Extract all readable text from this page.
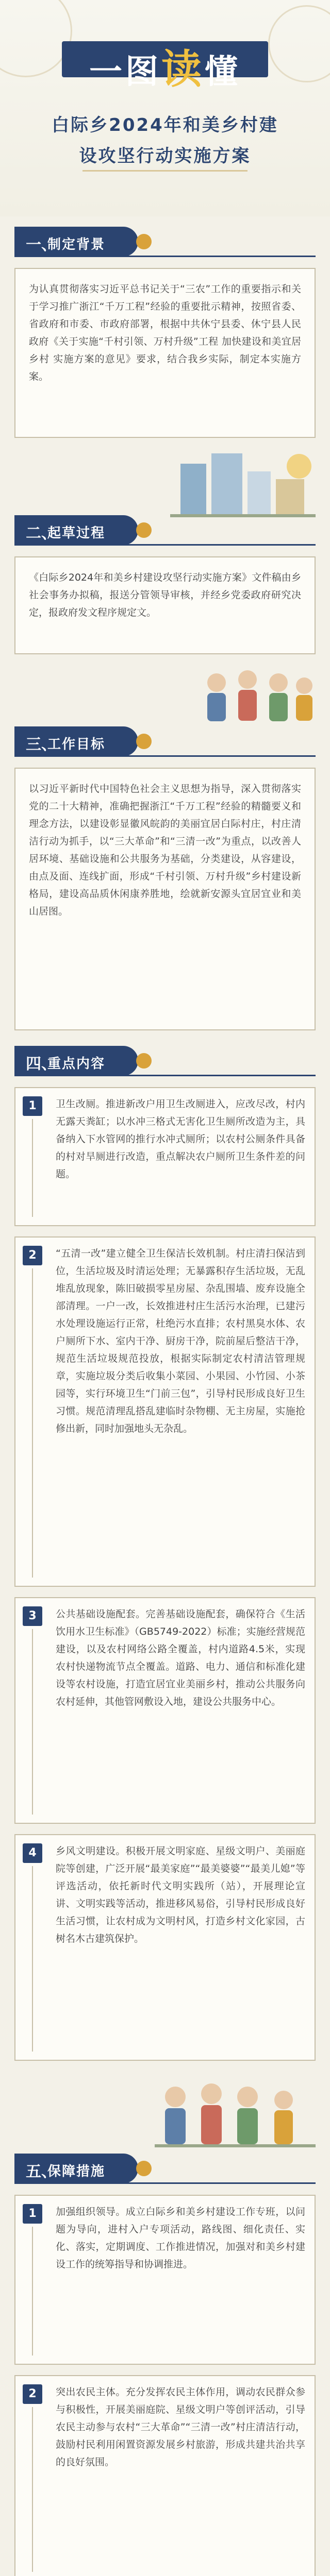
一图读懂
白际乡2024年和美乡村建
设攻坚行动实施方案
一、
制定背景

为认真贯彻落实习近平总书记关于“三农”工作的重要指示和关于学习推广浙江“千万工程”经验的重要批示精神，按照省委、省政府和市委、市政府部署，根据中共休宁县委、休宁县人民政府《关于实施“千村引领、万村升级”工程 加快建设和美宜居乡村 实施方案的意见》要求，结合我乡实际，制定本实施方案。

二、
起草过程

《白际乡2024年和美乡村建设攻坚行动实施方案》文件稿由乡社会事务办拟稿，报送分管领导审核，并经乡党委政府研究决定，报政府发文程序规定文。

三、
工作目标

以习近平新时代中国特色社会主义思想为指导，深入贯彻落实党的二十大精神，准确把握浙江“千万工程”经验的精髓要义和理念方法，以建设彰显徽风皖韵的美丽宜居白际村庄，村庄清洁行动为抓手，以“三大革命”和“三清一改”为重点，以改善人居环境、基础设施和公共服务为基础，分类建设，从容建设，由点及面、连线扩面，形成“千村引领、万村升级”乡村建设新格局，建设高品质休闲康养胜地，绘就新安源头宜居宜业和美山居图。

四、
重点内容
1	卫生改厕。推进新改户用卫生改厕进入，应改尽改，村内无露天粪缸；以水冲三格式无害化卫生厕所改造为主，具备纳入下水管网的推行水冲式厕所；以农村公厕条件具备的村对旱厕进行改造，重点解决农户厕所卫生条件差的问题。
2	“五清一改”建立健全卫生保洁长效机制。村庄清扫保洁到位，生活垃圾及时清运处理；无暴露积存生活垃圾，无乱堆乱放现象，陈旧破损零星房屋、杂乱围墙、废弃设施全部清理。一户一改，长效推进村庄生活污水治理，已建污水处理设施运行正常，杜绝污水直排；农村黑臭水体、农户厕所下水、室内干净、厨房干净，院前屋后整洁干净，规范生活垃圾规范投放，根据实际制定农村清洁管理规章，实施垃圾分类后收集小菜园、小果园、小竹园、小茶园等，实行环境卫生“门前三包”，引导村民形成良好卫生习惯。规范清理乱搭乱建临时杂物棚、无主房屋，实施抢修出新，同时加强地头无杂乱。
3	公共基础设施配套。完善基础设施配套，确保符合《生活饮用水卫生标准》（GB5749-2022）标准；实施经营规范建设，以及农村网络公路全覆盖，村内道路4.5米，实现农村快递物流节点全覆盖。道路、电力、通信和标准化建设等农村设施，打造宜居宜业美丽乡村，推动公共服务向农村延伸，其他管网敷设入地，建设公共服务中心。
4	乡风文明建设。积极开展文明家庭、星级文明户、美丽庭院等创建，广泛开展“最美家庭”“最美婆婆”“最美儿媳”等评选活动，依托新时代文明实践所（站），开展理论宣讲、文明实践等活动，推进移风易俗，引导村民形成良好生活习惯，让农村成为文明村风，打造乡村文化家园，古树名木古建筑保护。
五、
保障措施
1	加强组织领导。成立白际乡和美乡村建设工作专班，以问题为导向，进村入户专项活动，路线图、细化责任、实化、落实，定期调度、工作推进情况，加强对和美乡村建设工作的统筹指导和协调推进。
2	突出农民主体。充分发挥农民主体作用，调动农民群众参与积极性，开展美丽庭院、星级文明户等创评活动，引导农民主动参与农村“三大革命”“三清一改”村庄清洁行动，鼓励村民利用闲置资源发展乡村旅游，形成共建共治共享的良好氛围。
